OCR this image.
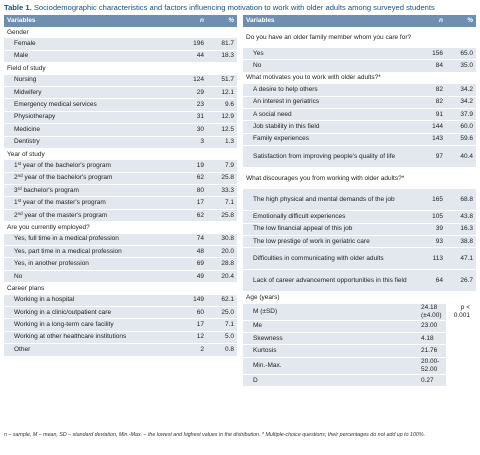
Table 1. Sociodemographic characteristics and factors influencing motivation to work with older adults among surveyed students
Variables	n	%
Gender		
Female	196	81.7
Male	44	18.3
Field of study		
Nursing	124	51.7
Midwifery	29	12.1
Emergency medical services	23	9.6
Physiotherapy	31	12.9
Medicine	30	12.5
Dentistry	3	1.3
Year of study		
1st year of the bachelor's program	19	7.9
2nd year of the bachelor's program	62	25.8
3rd bachelor's program	80	33.3
1st year of the master's program	17	7.1
2nd year of the master's program	62	25.8
Are you currently employed?		
Yes, full time in a medical profession	74	30.8
Yes, part time in a medical profession	48	20.0
Yes, in another profession	69	28.8
No	49	20.4
Career plans		
Working in a hospital	149	62.1
Working in a clinic/outpatient care	60	25.0
Working in a long-term care facility	17	7.1
Working at other healthcare institutions	12	5.0
Other	2	0.8
Variables	n	%
Do you have an older family member whom you care for?		
Yes	156	65.0
No	84	35.0
What motivates you to work with older adults?*		
A desire to help others	82	34.2
An interest in geriatrics	82	34.2
A social need	91	37.9
Job stability in this field	144	60.0
Family experiences	143	59.6
Satisfaction from improving people's quality of life	97	40.4
What discourages you from working with older adults?*		
The high physical and mental demands of the job	165	68.8
Emotionally difficult experiences	105	43.8
The low financial appeal of this job	39	16.3
The low prestige of work in geriatric care	93	38.8
Difficulties in communicating with older adults	113	47.1
Lack of career advancement opportunities in this field	64	26.7
Age (years)		
M (±SD)	24.18 (±4.00)	p < 0.001
Me	23.00	
Skewness	4.18	
Kurtosis	21.76	
Min.-Max.	20.00-52.00	
D	0.27	
n – sample, M – mean, SD – standard deviation, Min.-Max. – the lowest and highest values in the distribution. * Multiple-choice questions; their percentages do not add up to 100%.
